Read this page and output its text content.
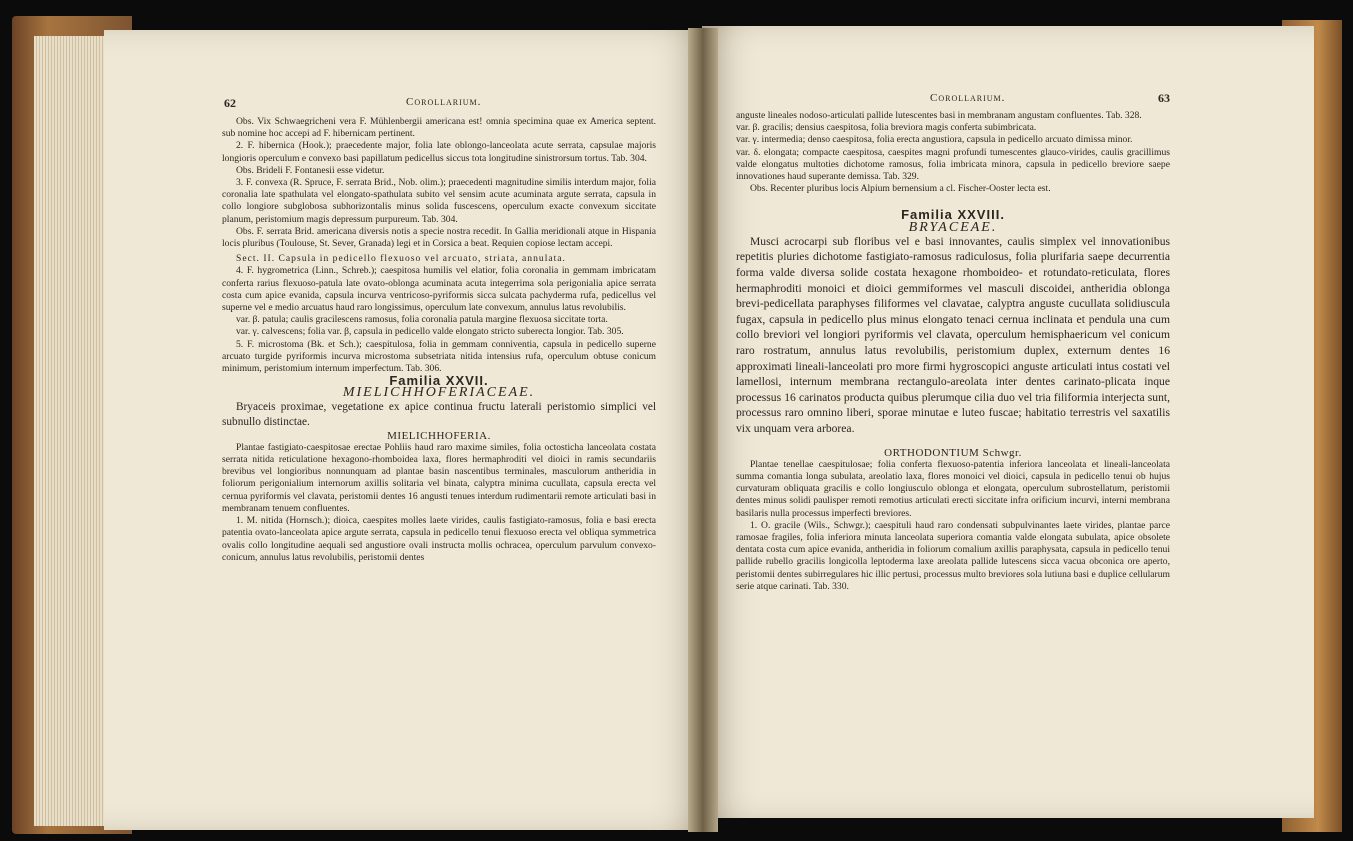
62	Corollarium.

Obs. Vix Schwaegricheni vera F. Mühlenbergii americana est! omnia specimina quae ex America septent. sub nomine hoc accepi ad F. hibernicam pertinent.

2. F. hibernica (Hook.); praecedente major, folia late oblongo-lanceolata acute serrata, capsulae majoris longioris operculum e convexo basi papillatum pedicellus siccus tota longitudine sinistrorsum tortus. Tab. 304.

Obs. Brideli F. Fontanesii esse videtur.

3. F. convexa (R. Spruce, F. serrata Brid., Nob. olim.); praecedenti magnitudine similis interdum major, folia coronalia late spathulata vel elongato-spathulata subito vel sensim acute acuminata argute serrata, capsula in collo longiore subglobosa subhorizontalis minus solida fuscescens, operculum exacte convexum siccitate planum, peristomium magis depressum purpureum. Tab. 304.

Obs. F. serrata Brid. americana diversis notis a specie nostra recedit. In Gallia meridionali atque in Hispania locis pluribus (Toulouse, St. Sever, Granada) legi et in Corsica a beat. Requien copiose lectam accepi.

Sect. II. Capsula in pedicello flexuoso vel arcuato, striata, annulata.

4. F. hygrometrica (Linn., Schreb.); caespitosa humilis vel elatior, folia coronalia in gemmam imbricatam conferta rarius flexuoso-patula late ovato-oblonga acuminata acuta integerrima sola perigonialia apice serrata costa cum apice evanida, capsula incurva ventricoso-pyriformis sicca sulcata pachyderma rufa, pedicellus vel superne vel e medio arcuatus haud raro longissimus, operculum late convexum, annulus latus revolubilis.

var. β. patula; caulis gracilescens ramosus, folia coronalia patula margine flexuosa siccitate torta.

var. γ. calvescens; folia var. β, capsula in pedicello valde elongato stricto suberecta longior. Tab. 305.

5. F. microstoma (Bk. et Sch.); caespitulosa, folia in gemmam conniventia, capsula in pedicello superne arcuato turgide pyriformis incurva microstoma subsetriata nitida intensius rufa, operculum obtuse conicum minimum, peristomium internum imperfectum. Tab. 306.

Familia XXVII.

MIELICHHOFERIACEAE.

Bryaceis proximae, vegetatione ex apice continua fructu laterali peristomio simplici vel subnullo distinctae.

MIELICHHOFERIA.

Plantae fastigiato-caespitosae erectae Pohliis haud raro maxime similes, folia octosticha lanceolata costata serrata nitida reticulatione hexagono-rhomboidea laxa, flores hermaphroditi vel dioici in ramis secundariis brevibus vel longioribus nonnunquam ad plantae basin nascentibus terminales, masculorum antheridia in foliorum perigonialium internorum axillis solitaria vel binata, calyptra minima cucullata, capsula erecta vel cernua pyriformis vel clavata, peristomii dentes 16 angusti tenues interdum rudimentarii remote articulati basi in membranam tenuem confluentes.

1. M. nitida (Hornsch.); dioica, caespites molles laete virides, caulis fastigiato-ramosus, folia e basi erecta patentia ovato-lanceolata apice argute serrata, capsula in pedicello tenui flexuoso erecta vel obliqua symmetrica ovalis collo longitudine aequali sed angustiore ovali instructa mollis ochracea, operculum parvulum convexo-conicum, annulus latus revolubilis, peristomii dentes

Corollarium.	63

anguste lineales nodoso-articulati pallide lutescentes basi in membranam angustam confluentes. Tab. 328.

var. β. gracilis; densius caespitosa, folia breviora magis conferta subimbricata.

var. γ. intermedia; denso caespitosa, folia erecta angustiora, capsula in pedicello arcuato dimissa minor.

var. δ. elongata; compacte caespitosa, caespites magni profundi tumescentes glauco-virides, caulis gracillimus valde elongatus multoties dichotome ramosus, folia imbricata minora, capsula in pedicello breviore saepe innovationes haud superante demissa. Tab. 329.

Obs. Recenter pluribus locis Alpium bernensium a cl. Fischer-Ooster lecta est.

Familia XXVIII.

BRYACEAE.

Musci acrocarpi sub floribus vel e basi innovantes, caulis simplex vel innovationibus repetitis pluries dichotome fastigiato-ramosus radiculosus, folia plurifaria saepe decurrentia forma valde diversa solide costata hexagone rhomboideo- et rotundato-reticulata, flores hermaphroditi monoici et dioici gemmiformes vel masculi discoidei, antheridia oblonga brevi-pedicellata paraphyses filiformes vel clavatae, calyptra anguste cucullata solidiuscula fugax, capsula in pedicello plus minus elongato tenaci cernua inclinata et pendula una cum collo breviori vel longiori pyriformis vel clavata, operculum hemisphaericum vel conicum raro rostratum, annulus latus revolubilis, peristomium duplex, externum dentes 16 approximati lineali-lanceolati pro more firmi hygroscopici anguste articulati intus costati vel lamellosi, internum membrana rectangulo-areolata inter dentes carinato-plicata inque processus 16 carinatos producta quibus plerumque cilia duo vel tria filiformia interjecta sunt, processus raro omnino liberi, sporae minutae e luteo fuscae; habitatio terrestris vel saxatilis vix unquam vera arborea.

ORTHODONTIUM Schwgr.

Plantae tenellae caespitulosae; folia conferta flexuoso-patentia inferiora lanceolata et lineali-lanceolata summa comantia longa subulata, areolatio laxa, flores monoici vel dioici, capsula in pedicello tenui ob hujus curvaturam obliquata gracilis e collo longiusculo oblonga et elongata, operculum subrostellatum, peristomii dentes minus solidi paulisper remoti remotius articulati erecti siccitate infra orificium incurvi, interni membrana basilaris nulla processus imperfecti breviores.

1. O. gracile (Wils., Schwgr.); caespituli haud raro condensati subpulvinantes laete virides, plantae parce ramosae fragiles, folia inferiora minuta lanceolata superiora comantia valde elongata subulata, apice obsolete dentata costa cum apice evanida, antheridia in foliorum comalium axillis paraphysata, capsula in pedicello tenui pallide rubello gracilis longicolla leptoderma laxe areolata pallide lutescens sicca vacua obconica ore aperto, peristomii dentes subirregulares hic illic pertusi, processus multo breviores sola lutiuna basi e duplice cellularum serie atque carinati. Tab. 330.
